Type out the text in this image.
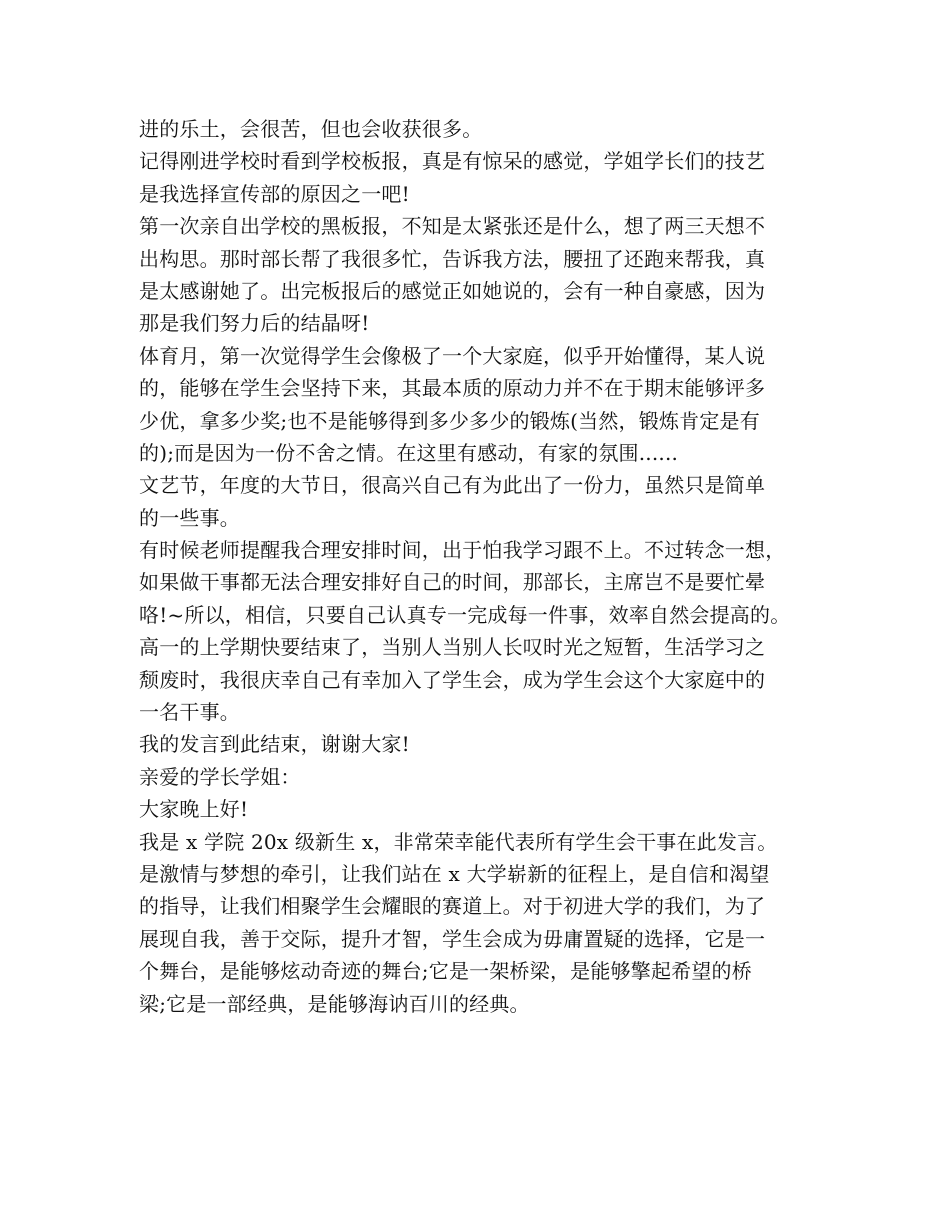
进的乐土，会很苦，但也会收获很多。
记得刚进学校时看到学校板报，真是有惊呆的感觉，学姐学长们的技艺
是我选择宣传部的原因之一吧!
第一次亲自出学校的黑板报，不知是太紧张还是什么，想了两三天想不
出构思。那时部长帮了我很多忙，告诉我方法，腰扭了还跑来帮我，真
是太感谢她了。出完板报后的感觉正如她说的，会有一种自豪感，因为
那是我们努力后的结晶呀!
体育月，第一次觉得学生会像极了一个大家庭，似乎开始懂得，某人说
的，能够在学生会坚持下来，其最本质的原动力并不在于期末能够评多
少优，拿多少奖;也不是能够得到多少多少的锻炼(当然，锻炼肯定是有
的);而是因为一份不舍之情。在这里有感动，有家的氛围......
文艺节，年度的大节日，很高兴自己有为此出了一份力，虽然只是简单
的一些事。
有时候老师提醒我合理安排时间，出于怕我学习跟不上。不过转念一想，
如果做干事都无法合理安排好自己的时间，那部长，主席岂不是要忙晕
咯!~所以，相信，只要自己认真专一完成每一件事，效率自然会提高的。
高一的上学期快要结束了，当别人当别人长叹时光之短暂，生活学习之
颓废时，我很庆幸自己有幸加入了学生会，成为学生会这个大家庭中的
一名干事。
我的发言到此结束，谢谢大家!
亲爱的学长学姐：
大家晚上好!
我是 x 学院 20x 级新生 x，非常荣幸能代表所有学生会干事在此发言。
是激情与梦想的牵引，让我们站在 x 大学崭新的征程上，是自信和渴望
的指导，让我们相聚学生会耀眼的赛道上。对于初进大学的我们，为了
展现自我，善于交际，提升才智，学生会成为毋庸置疑的选择，它是一
个舞台，是能够炫动奇迹的舞台;它是一架桥梁，是能够擎起希望的桥
梁;它是一部经典，是能够海讷百川的经典。
